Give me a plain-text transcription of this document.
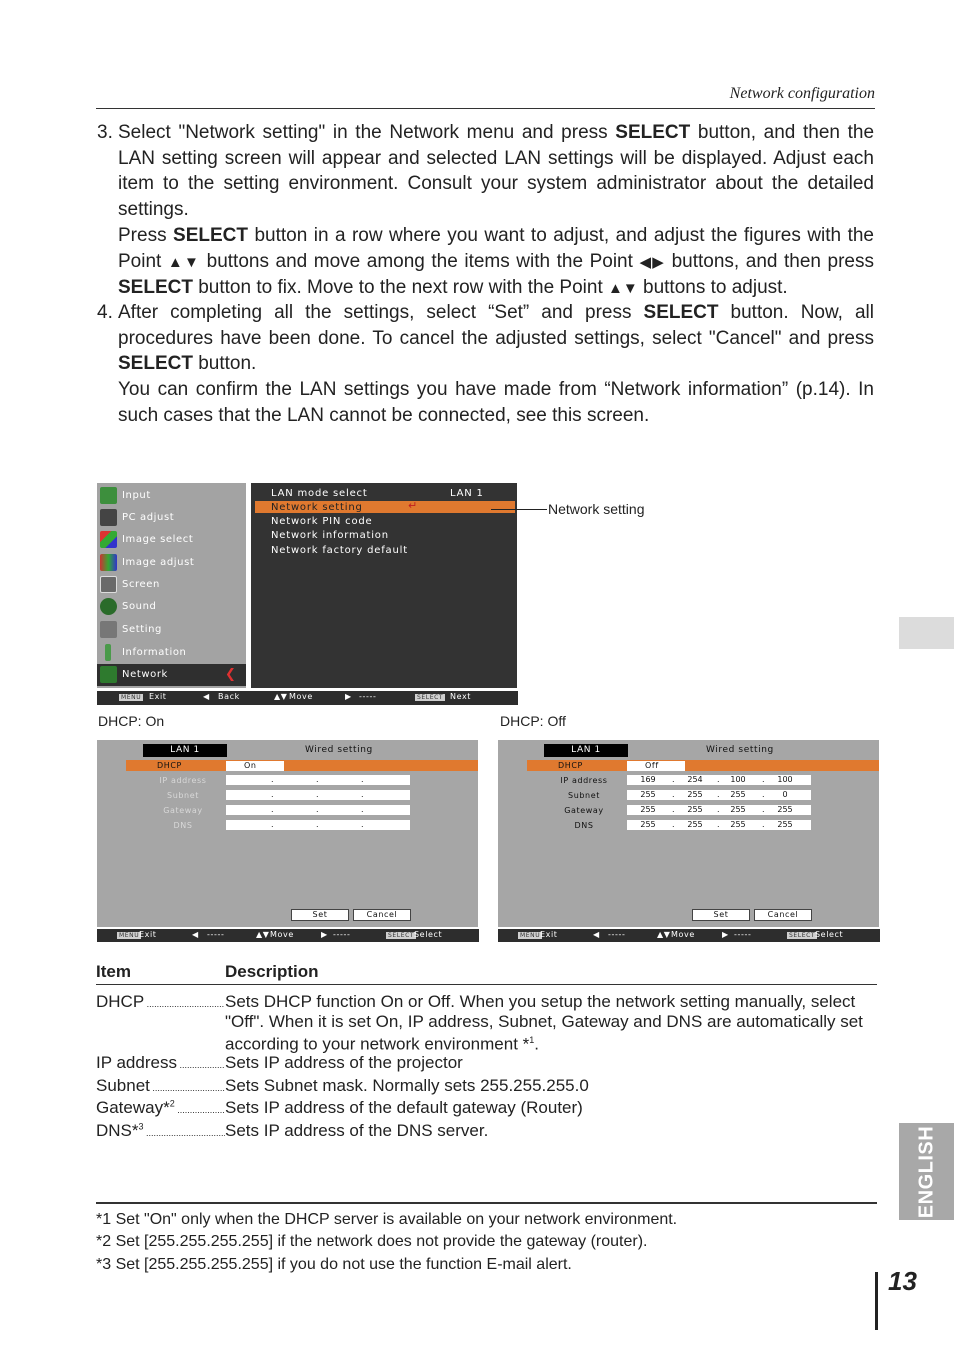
Network configuration
3. Select "Network setting" in the Network menu and press SELECT button, and then the LAN setting screen will appear and selected LAN settings will be displayed. Adjust each item to the setting environment. Consult your system administrator about the detailed settings.
Press SELECT button in a row where you want to adjust, and adjust the figures with the Point ▲▼ buttons and move among the items with the Point ◀▶ buttons, and then press SELECT button to fix. Move to the next row with the Point ▲▼ buttons to adjust.
4. After completing all the settings, select “Set” and press SELECT button. Now, all procedures have been done. To cancel the adjusted settings, select "Cancel" and press SELECT button.
You can confirm the LAN settings you have made from “Network information” (p.14). In such cases that the LAN cannot be connected, see this screen.
ENGLISH
Input
PC adjust
Image select
Image adjust
Screen
Sound
Setting
Information
Network	❮
LAN mode select	LAN 1
Network setting	↵
Network PIN code
Network information
Network factory default
MENU Exit	◀ Back	▲▼ Move	▶ -----	SELECT Next
Network setting
DHCP: On	DHCP: Off
LAN 1	Wired setting
DHCP	On
IP address	.	.	.
Subnet	.	.	.
Gateway	.	.	.
DNS	.	.	.
Set	Cancel
MENU Exit	◀ -----	▲▼ Move	▶ -----	SELECT Select
LAN 1	Wired setting
DHCP	Off
IP address	169	.	254	.	100	.	100
Subnet	255	.	255	.	255	.	0
Gateway	255	.	255	.	255	.	255
DNS	255	.	255	.	255	.	255
Set	Cancel
MENU Exit	◀ -----	▲▼ Move	▶ -----	SELECT Select
Item	Description
DHCP .....	Sets DHCP function On or Off. When you setup the network setting manually, select "Off". When it is set On, IP address, Subnet, Gateway and DNS are automatically set according to your network environment *$^1$.
IP address .....	Sets IP address of the projector
Subnet .....	Sets Subnet mask. Normally sets 255.255.255.0
Gateway*$^2$ .....	Sets IP address of the default gateway (Router)
DNS*$^3$ .....	Sets IP address of the DNS server.
*1 Set "On" only when the DHCP server is available on your network environment.
*2 Set [255.255.255.255] if the network does not provide the gateway (router).
*3 Set [255.255.255.255] if you do not use the function E-mail alert.
13
